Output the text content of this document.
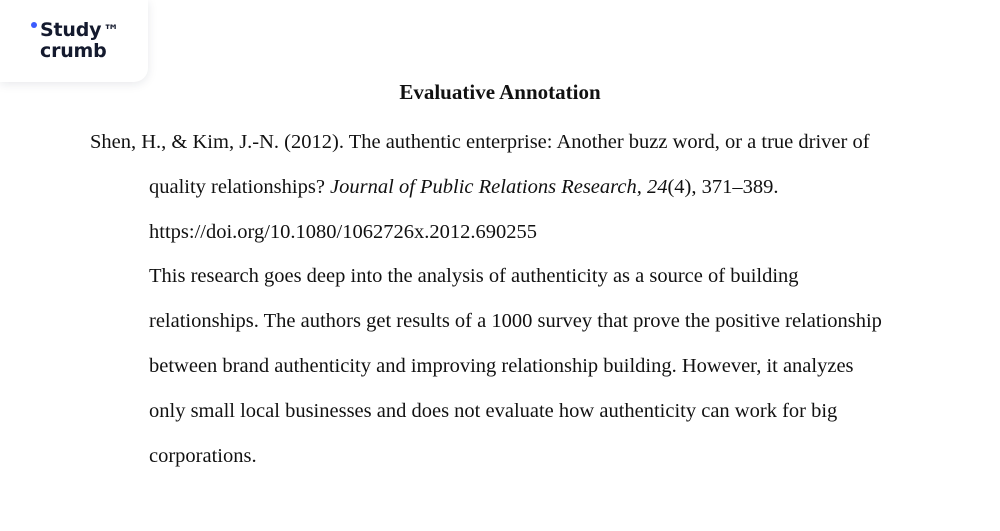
Study ™
crumb
Evaluative Annotation
Shen, H., & Kim, J.-N. (2012). The authentic enterprise: Another buzz word, or a true driver of
quality relationships? Journal of Public Relations Research, 24(4), 371–389.
https://doi.org/10.1080/1062726x.2012.690255
This research goes deep into the analysis of authenticity as a source of building
relationships. The authors get results of a 1000 survey that prove the positive relationship
between brand authenticity and improving relationship building. However, it analyzes
only small local businesses and does not evaluate how authenticity can work for big
corporations.
